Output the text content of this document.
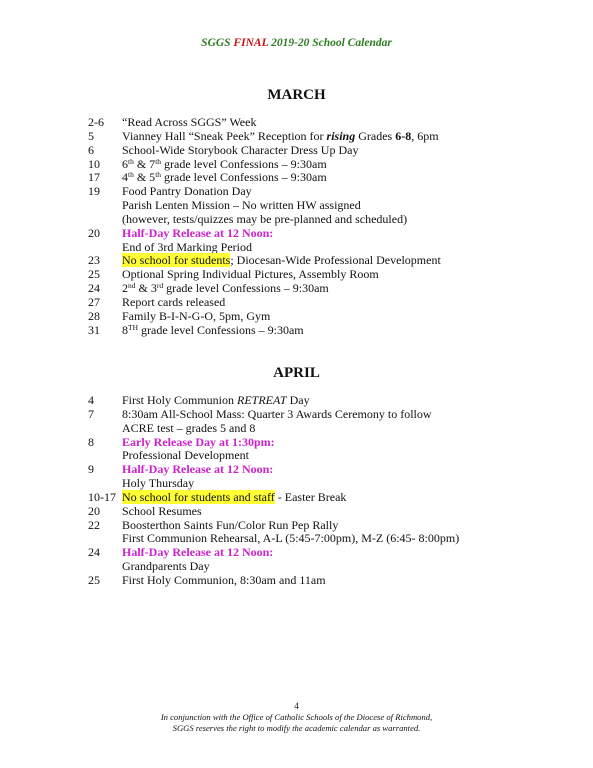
SGGS FINAL 2019-20 School Calendar
MARCH
2-6	“Read Across SGGS” Week
5	Vianney Hall “Sneak Peek” Reception for rising Grades 6-8, 6pm
6	School-Wide Storybook Character Dress Up Day
10	6th & 7th grade level Confessions – 9:30am
17	4th & 5th grade level Confessions – 9:30am
19	Food Pantry Donation Day
Parish Lenten Mission – No written HW assigned
(however, tests/quizzes may be pre-planned and scheduled)
20	Half-Day Release at 12 Noon:
End of 3rd Marking Period
23	No school for students; Diocesan-Wide Professional Development
25	Optional Spring Individual Pictures, Assembly Room
24	2nd & 3rd grade level Confessions – 9:30am
27	Report cards released
28	Family B-I-N-G-O, 5pm, Gym
31	8TH grade level Confessions – 9:30am
APRIL
4	First Holy Communion RETREAT Day
7	8:30am All-School Mass: Quarter 3 Awards Ceremony to follow
ACRE test – grades 5 and 8
8	Early Release Day at 1:30pm:
Professional Development
9	Half-Day Release at 12 Noon:
Holy Thursday
10-17 No school for students and staff - Easter Break
20	School Resumes
22	Boosterthon Saints Fun/Color Run Pep Rally
First Communion Rehearsal, A-L (5:45-7:00pm), M-Z (6:45- 8:00pm)
24	Half-Day Release at 12 Noon:
Grandparents Day
25	First Holy Communion, 8:30am and 11am
4
In conjunction with the Office of Catholic Schools of the Diocese of Richmond,
SGGS reserves the right to modify the academic calendar as warranted.
